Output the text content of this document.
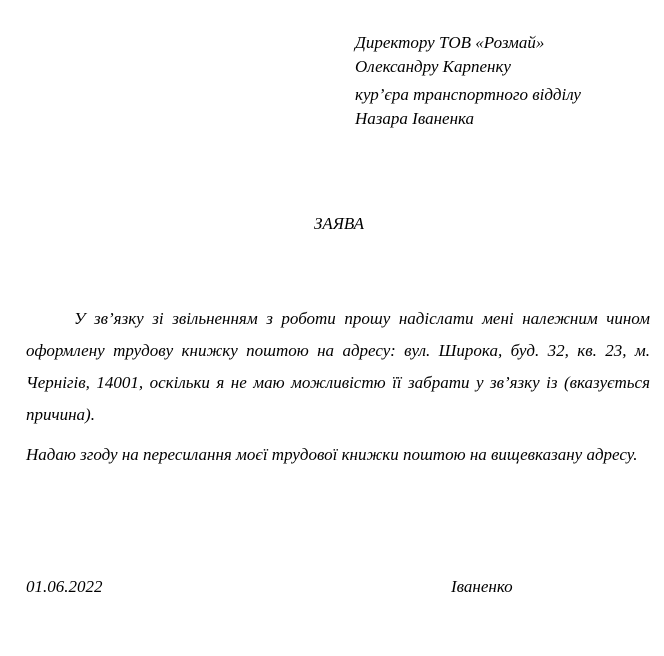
Директору ТОВ «Розмай»
Олександру Карпенку
кур’єра транспортного відділу
Назара Іваненка
ЗАЯВА

У зв’язку зі звільненням з роботи прошу надіслати мені належним чином оформлену трудову книжку поштою на адресу: вул. Широка, буд. 32, кв. 23, м. Чернігів, 14001, оскільки я не маю можливістю її забрати у зв’язку із (вказується причина).

Надаю згоду на пересилання моєї трудової книжки поштою на вищевказану адресу.

01.06.2022	Іваненко
